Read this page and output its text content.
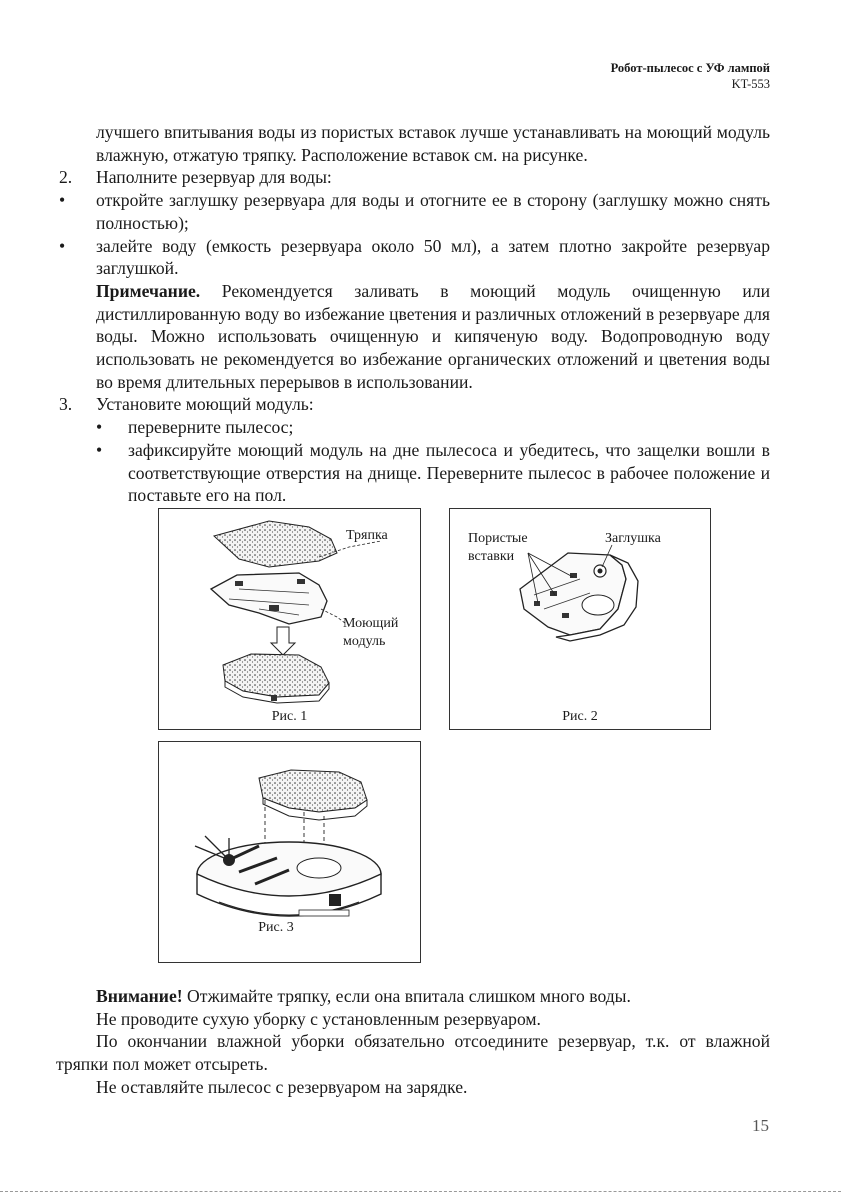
Робот-пылесос с УФ лампой
KT-553

лучшего впитывания воды из пористых вставок лучше устанавливать на моющий модуль влажную, отжатую тряпку. Расположение вставок см. на рисунке.

2.	Наполните резервуар для воды:
•	откройте заглушку резервуара для воды и отогните ее в сторону (заглушку можно снять полностью);
•	залейте воду (емкость резервуара около 50 мл), а затем плотно закройте резервуар заглушкой.

Примечание. Рекомендуется заливать в моющий модуль очищенную или дистиллированную воду во избежание цветения и различных отложений в резервуаре для воды. Можно использовать очищенную и кипяченую воду. Водопроводную воду использовать не рекомендуется во избежание органических отложений и цветения воды во время длительных перерывов в использовании.

3.	Установите моющий модуль:
•	переверните пылесос;
•	зафиксируйте моющий модуль на дне пылесоса и убедитесь, что защелки вошли в соответствующие отверстия на днище. Переверните пылесос в рабочее положение и поставьте его на пол.
Тряпка
Моющий
модуль
Рис. 1
Пористые
вставки
Заглушка
Рис. 2
Рис. 3

Внимание! Отжимайте тряпку, если она впитала слишком много воды.

Не проводите сухую уборку с установленным резервуаром.

По окончании влажной уборки обязательно отсоедините резервуар, т.к. от влажной тряпки пол может отсыреть.

Не оставляйте пылесос с резервуаром на зарядке.

15
